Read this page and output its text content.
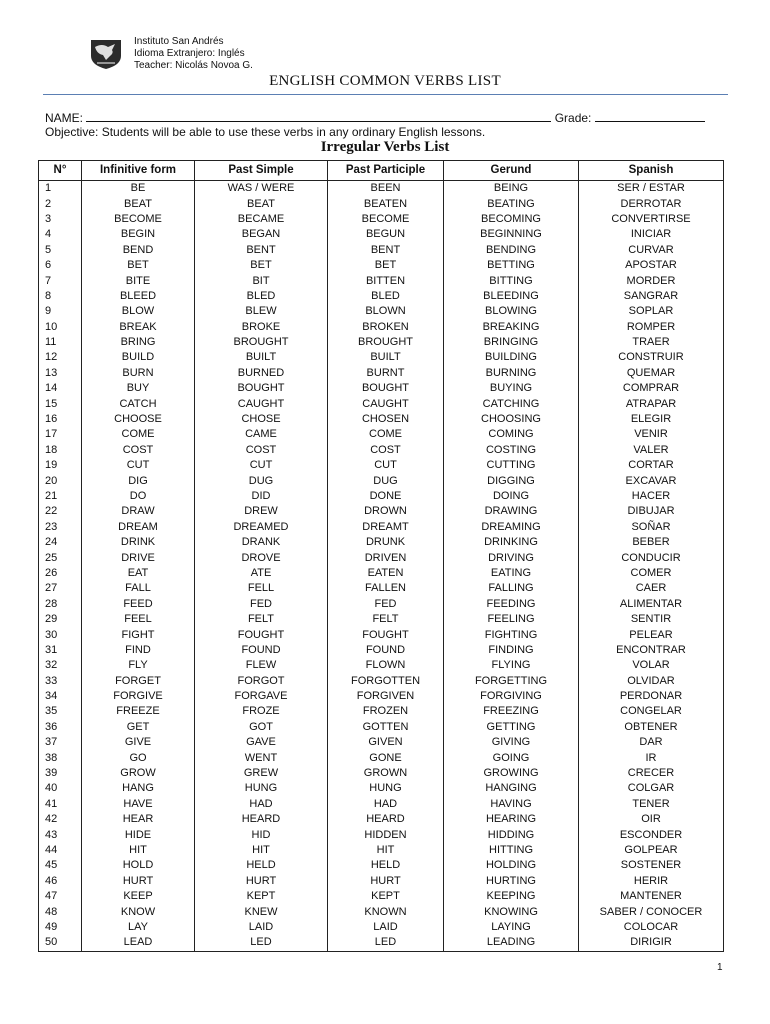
Instituto San Andrés
Idioma Extranjero: Inglés
Teacher: Nicolás Novoa G.
ENGLISH COMMON VERBS LIST
NAME:	Grade:
Objective: Students will be able to use these verbs in any ordinary English lessons.
Irregular Verbs List
N°	Infinitive form	Past Simple	Past Participle	Gerund	Spanish
1	BE	WAS / WERE	BEEN	BEING	SER / ESTAR
2	BEAT	BEAT	BEATEN	BEATING	DERROTAR
3	BECOME	BECAME	BECOME	BECOMING	CONVERTIRSE
4	BEGIN	BEGAN	BEGUN	BEGINNING	INICIAR
5	BEND	BENT	BENT	BENDING	CURVAR
6	BET	BET	BET	BETTING	APOSTAR
7	BITE	BIT	BITTEN	BITTING	MORDER
8	BLEED	BLED	BLED	BLEEDING	SANGRAR
9	BLOW	BLEW	BLOWN	BLOWING	SOPLAR
10	BREAK	BROKE	BROKEN	BREAKING	ROMPER
11	BRING	BROUGHT	BROUGHT	BRINGING	TRAER
12	BUILD	BUILT	BUILT	BUILDING	CONSTRUIR
13	BURN	BURNED	BURNT	BURNING	QUEMAR
14	BUY	BOUGHT	BOUGHT	BUYING	COMPRAR
15	CATCH	CAUGHT	CAUGHT	CATCHING	ATRAPAR
16	CHOOSE	CHOSE	CHOSEN	CHOOSING	ELEGIR
17	COME	CAME	COME	COMING	VENIR
18	COST	COST	COST	COSTING	VALER
19	CUT	CUT	CUT	CUTTING	CORTAR
20	DIG	DUG	DUG	DIGGING	EXCAVAR
21	DO	DID	DONE	DOING	HACER
22	DRAW	DREW	DROWN	DRAWING	DIBUJAR
23	DREAM	DREAMED	DREAMT	DREAMING	SOÑAR
24	DRINK	DRANK	DRUNK	DRINKING	BEBER
25	DRIVE	DROVE	DRIVEN	DRIVING	CONDUCIR
26	EAT	ATE	EATEN	EATING	COMER
27	FALL	FELL	FALLEN	FALLING	CAER
28	FEED	FED	FED	FEEDING	ALIMENTAR
29	FEEL	FELT	FELT	FEELING	SENTIR
30	FIGHT	FOUGHT	FOUGHT	FIGHTING	PELEAR
31	FIND	FOUND	FOUND	FINDING	ENCONTRAR
32	FLY	FLEW	FLOWN	FLYING	VOLAR
33	FORGET	FORGOT	FORGOTTEN	FORGETTING	OLVIDAR
34	FORGIVE	FORGAVE	FORGIVEN	FORGIVING	PERDONAR
35	FREEZE	FROZE	FROZEN	FREEZING	CONGELAR
36	GET	GOT	GOTTEN	GETTING	OBTENER
37	GIVE	GAVE	GIVEN	GIVING	DAR
38	GO	WENT	GONE	GOING	IR
39	GROW	GREW	GROWN	GROWING	CRECER
40	HANG	HUNG	HUNG	HANGING	COLGAR
41	HAVE	HAD	HAD	HAVING	TENER
42	HEAR	HEARD	HEARD	HEARING	OIR
43	HIDE	HID	HIDDEN	HIDDING	ESCONDER
44	HIT	HIT	HIT	HITTING	GOLPEAR
45	HOLD	HELD	HELD	HOLDING	SOSTENER
46	HURT	HURT	HURT	HURTING	HERIR
47	KEEP	KEPT	KEPT	KEEPING	MANTENER
48	KNOW	KNEW	KNOWN	KNOWING	SABER / CONOCER
49	LAY	LAID	LAID	LAYING	COLOCAR
50	LEAD	LED	LED	LEADING	DIRIGIR
1
